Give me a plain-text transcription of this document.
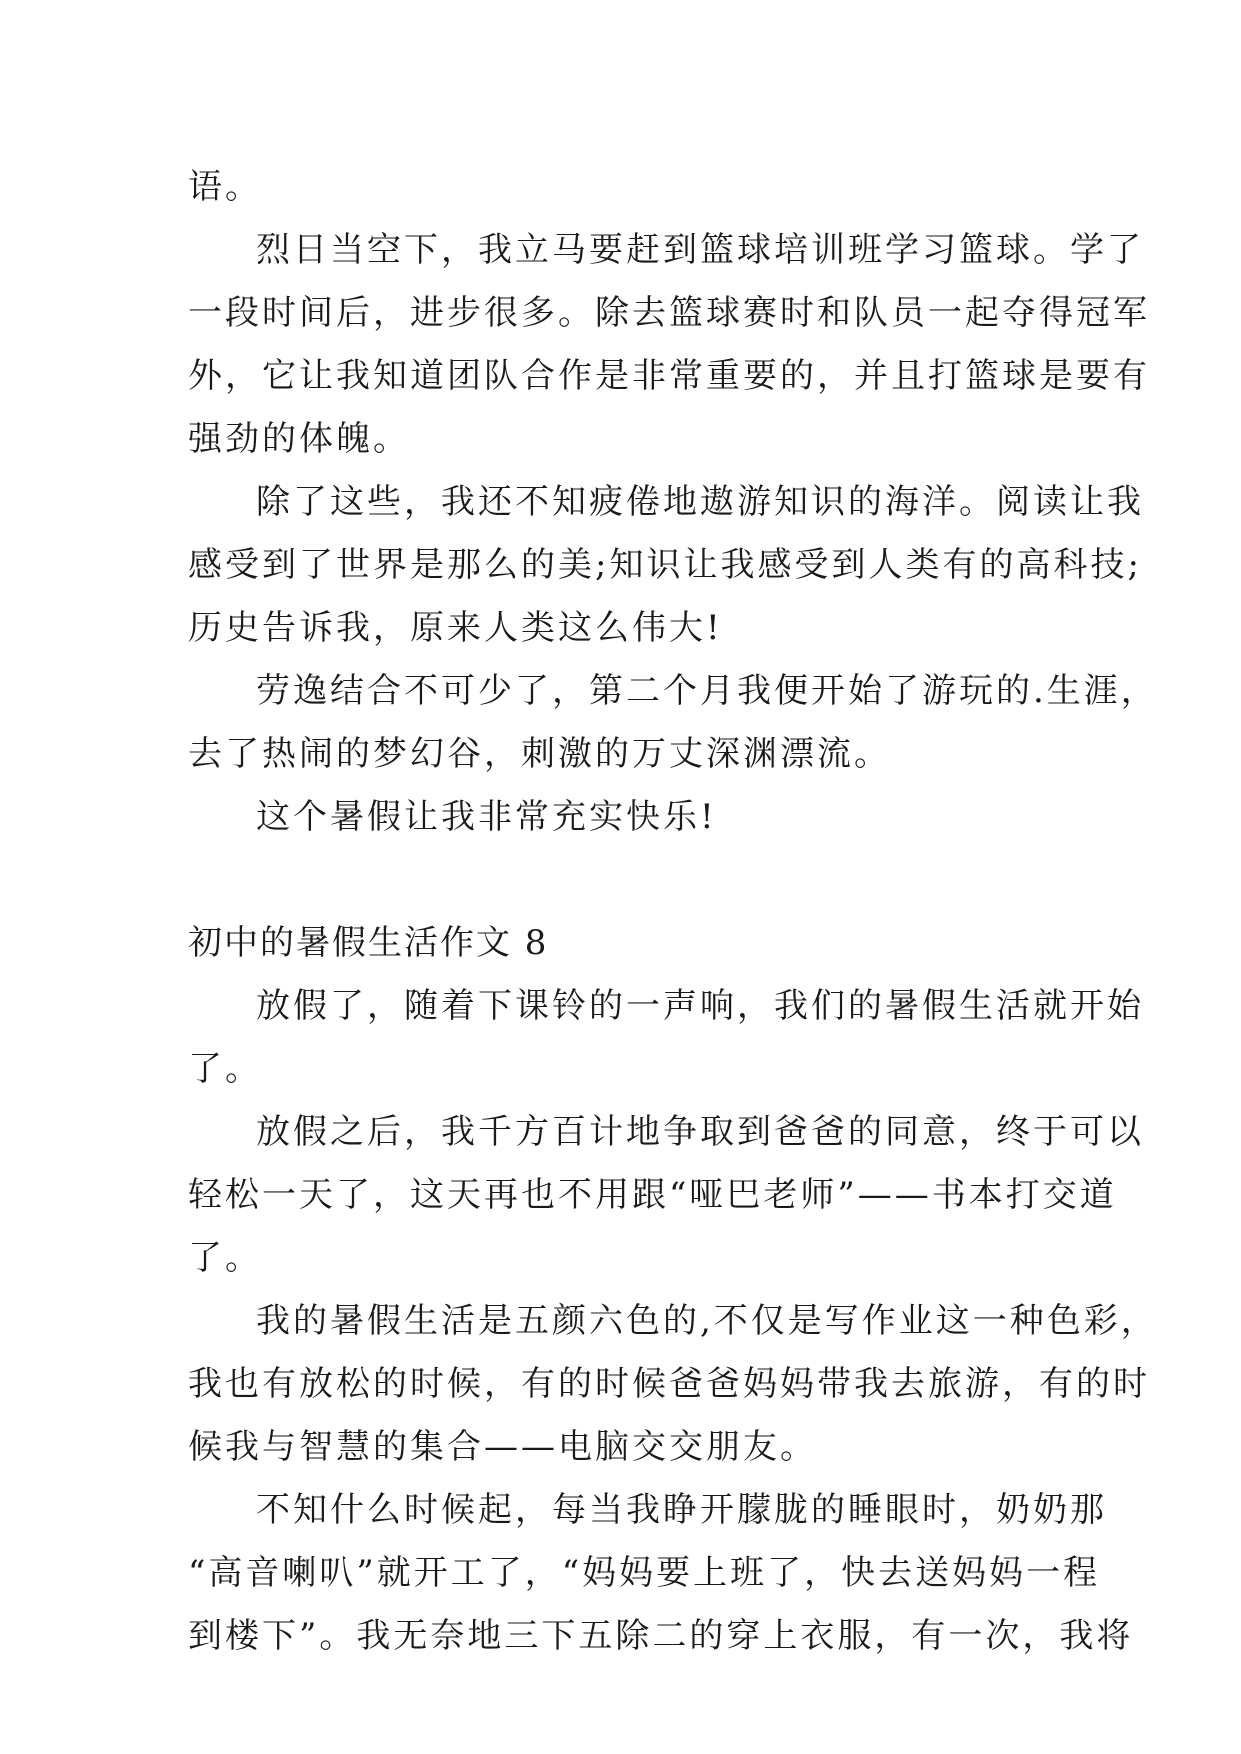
语。
烈日当空下，我立马要赶到篮球培训班学习篮球。学了
一段时间后，进步很多。除去篮球赛时和队员一起夺得冠军
外，它让我知道团队合作是非常重要的，并且打篮球是要有
强劲的体魄。
除了这些，我还不知疲倦地遨游知识的海洋。阅读让我
感受到了世界是那么的美;知识让我感受到人类有的高科技;
历史告诉我，原来人类这么伟大!
劳逸结合不可少了，第二个月我便开始了游玩的.生涯，
去了热闹的梦幻谷，刺激的万丈深渊漂流。
这个暑假让我非常充实快乐!
初中的暑假生活作文 8
放假了，随着下课铃的一声响，我们的暑假生活就开始
了。
放假之后，我千方百计地争取到爸爸的同意，终于可以
轻松一天了，这天再也不用跟“哑巴老师”——书本打交道
了。
我的暑假生活是五颜六色的,不仅是写作业这一种色彩，
我也有放松的时候，有的时候爸爸妈妈带我去旅游，有的时
候我与智慧的集合——电脑交交朋友。
不知什么时候起，每当我睁开朦胧的睡眼时，奶奶那
“高音喇叭”就开工了，“妈妈要上班了，快去送妈妈一程
到楼下”。我无奈地三下五除二的穿上衣服，有一次，我将
